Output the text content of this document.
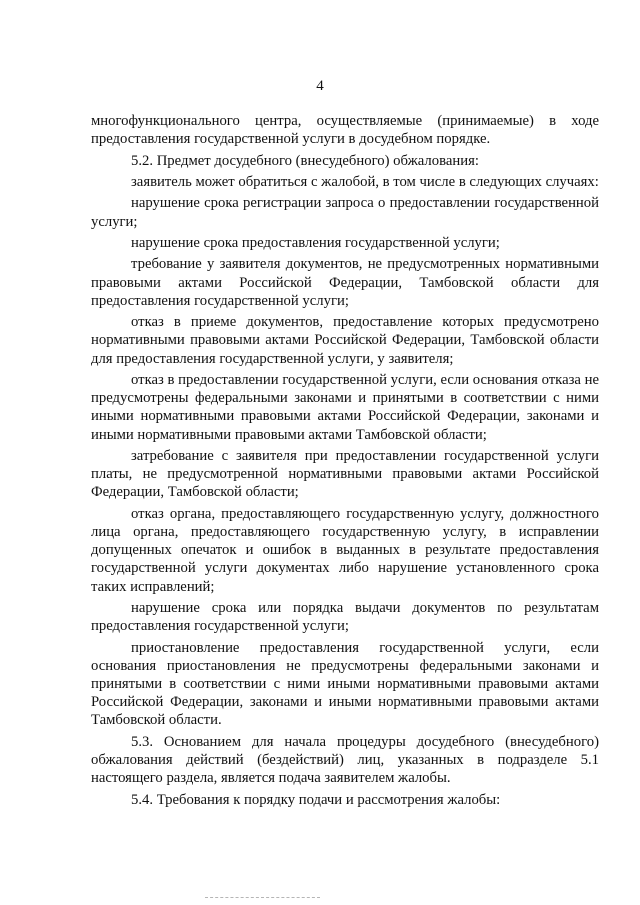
4

многофункционального центра, осуществляемые (принимаемые) в ходе предоставления государственной услуги в досудебном порядке.

5.2. Предмет досудебного (внесудебного) обжалования:

заявитель может обратиться с жалобой, в том числе в следующих случаях:

нарушение срока регистрации запроса о предоставлении государственной услуги;

нарушение срока предоставления государственной услуги;

требование у заявителя документов, не предусмотренных нормативными правовыми актами Российской Федерации, Тамбовской области для предоставления государственной услуги;

отказ в приеме документов, предоставление которых предусмотрено нормативными правовыми актами Российской Федерации, Тамбовской области для предоставления государственной услуги, у заявителя;

отказ в предоставлении государственной услуги, если основания отказа не предусмотрены федеральными законами и принятыми в соответствии с ними иными нормативными правовыми актами Российской Федерации, законами и иными нормативными правовыми актами Тамбовской области;

затребование с заявителя при предоставлении государственной услуги платы, не предусмотренной нормативными правовыми актами Российской Федерации, Тамбовской области;

отказ органа, предоставляющего государственную услугу, должностного лица органа, предоставляющего государственную услугу, в исправлении допущенных опечаток и ошибок в выданных в результате предоставления государственной услуги документах либо нарушение установленного срока таких исправлений;

нарушение срока или порядка выдачи документов по результатам предоставления государственной услуги;

приостановление предоставления государственной услуги, если основания приостановления не предусмотрены федеральными законами и принятыми в соответствии с ними иными нормативными правовыми актами Российской Федерации, законами и иными нормативными правовыми актами Тамбовской области.

5.3. Основанием для начала процедуры досудебного (внесудебного) обжалования действий (бездействий) лиц, указанных в подразделе 5.1 настоящего раздела, является подача заявителем жалобы.

5.4. Требования к порядку подачи и рассмотрения жалобы:
